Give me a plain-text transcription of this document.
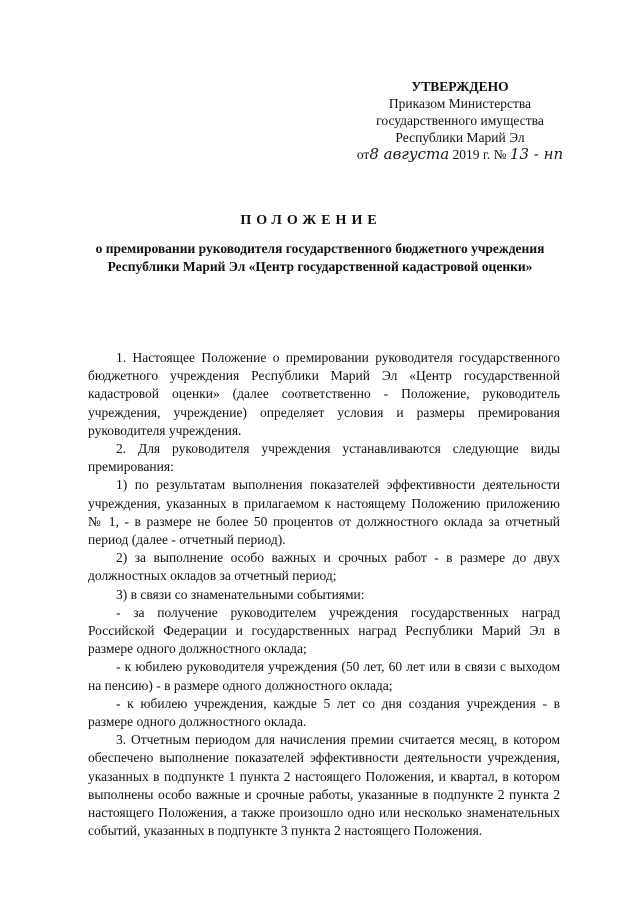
УТВЕРЖДЕНО
Приказом Министерства
государственного имущества
Республики Марий Эл
от8 августа 2019 г. № 13 - нп
ПОЛОЖЕНИЕ
о премировании руководителя государственного бюджетного учреждения Республики Марий Эл «Центр государственной кадастровой оценки»

1. Настоящее Положение о премировании руководителя государственного бюджетного учреждения Республики Марий Эл «Центр государственной кадастровой оценки» (далее соответственно - Положение, руководитель учреждения, учреждение) определяет условия и размеры премирования руководителя учреждения.

2. Для руководителя учреждения устанавливаются следующие виды премирования:

1) по результатам выполнения показателей эффективности деятельности учреждения, указанных в прилагаемом к настоящему Положению приложению № 1, - в размере не более 50 процентов от должностного оклада за отчетный период (далее - отчетный период).

2) за выполнение особо важных и срочных работ - в размере до двух должностных окладов за отчетный период;

3) в связи со знаменательными событиями:

- за получение руководителем учреждения государственных наград Российской Федерации и государственных наград Республики Марий Эл в размере одного должностного оклада;

- к юбилею руководителя учреждения (50 лет, 60 лет или в связи с выходом на пенсию) - в размере одного должностного оклада;

- к юбилею учреждения, каждые 5 лет со дня создания учреждения - в размере одного должностного оклада.

3. Отчетным периодом для начисления премии считается месяц, в котором обеспечено выполнение показателей эффективности деятельности учреждения, указанных в подпункте 1 пункта 2 настоящего Положения, и квартал, в котором выполнены особо важные и срочные работы, указанные в подпункте 2 пункта 2 настоящего Положения, а также произошло одно или несколько знаменательных событий, указанных в подпункте 3 пункта 2 настоящего Положения.
